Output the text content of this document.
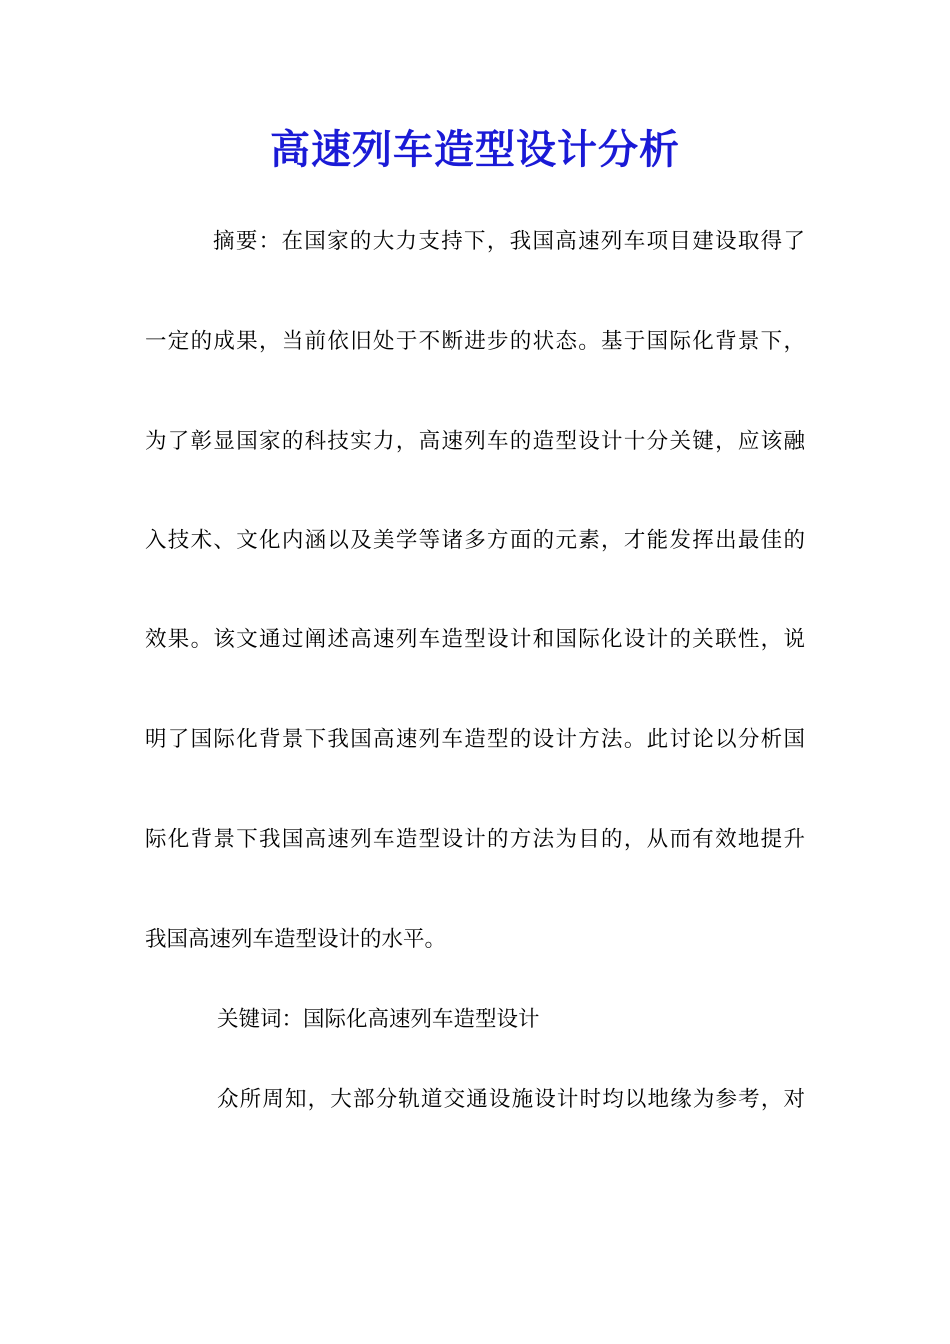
高速列车造型设计分析
摘要：在国家的大力支持下，我国高速列车项目建设取得了
一定的成果，当前依旧处于不断进步的状态。基于国际化背景下，
为了彰显国家的科技实力，高速列车的造型设计十分关键，应该融
入技术、文化内涵以及美学等诸多方面的元素，才能发挥出最佳的
效果。该文通过阐述高速列车造型设计和国际化设计的关联性，说
明了国际化背景下我国高速列车造型的设计方法。此讨论以分析国
际化背景下我国高速列车造型设计的方法为目的，从而有效地提升
我国高速列车造型设计的水平。
关键词：国际化高速列车造型设计
众所周知，大部分轨道交通设施设计时均以地缘为参考，对
